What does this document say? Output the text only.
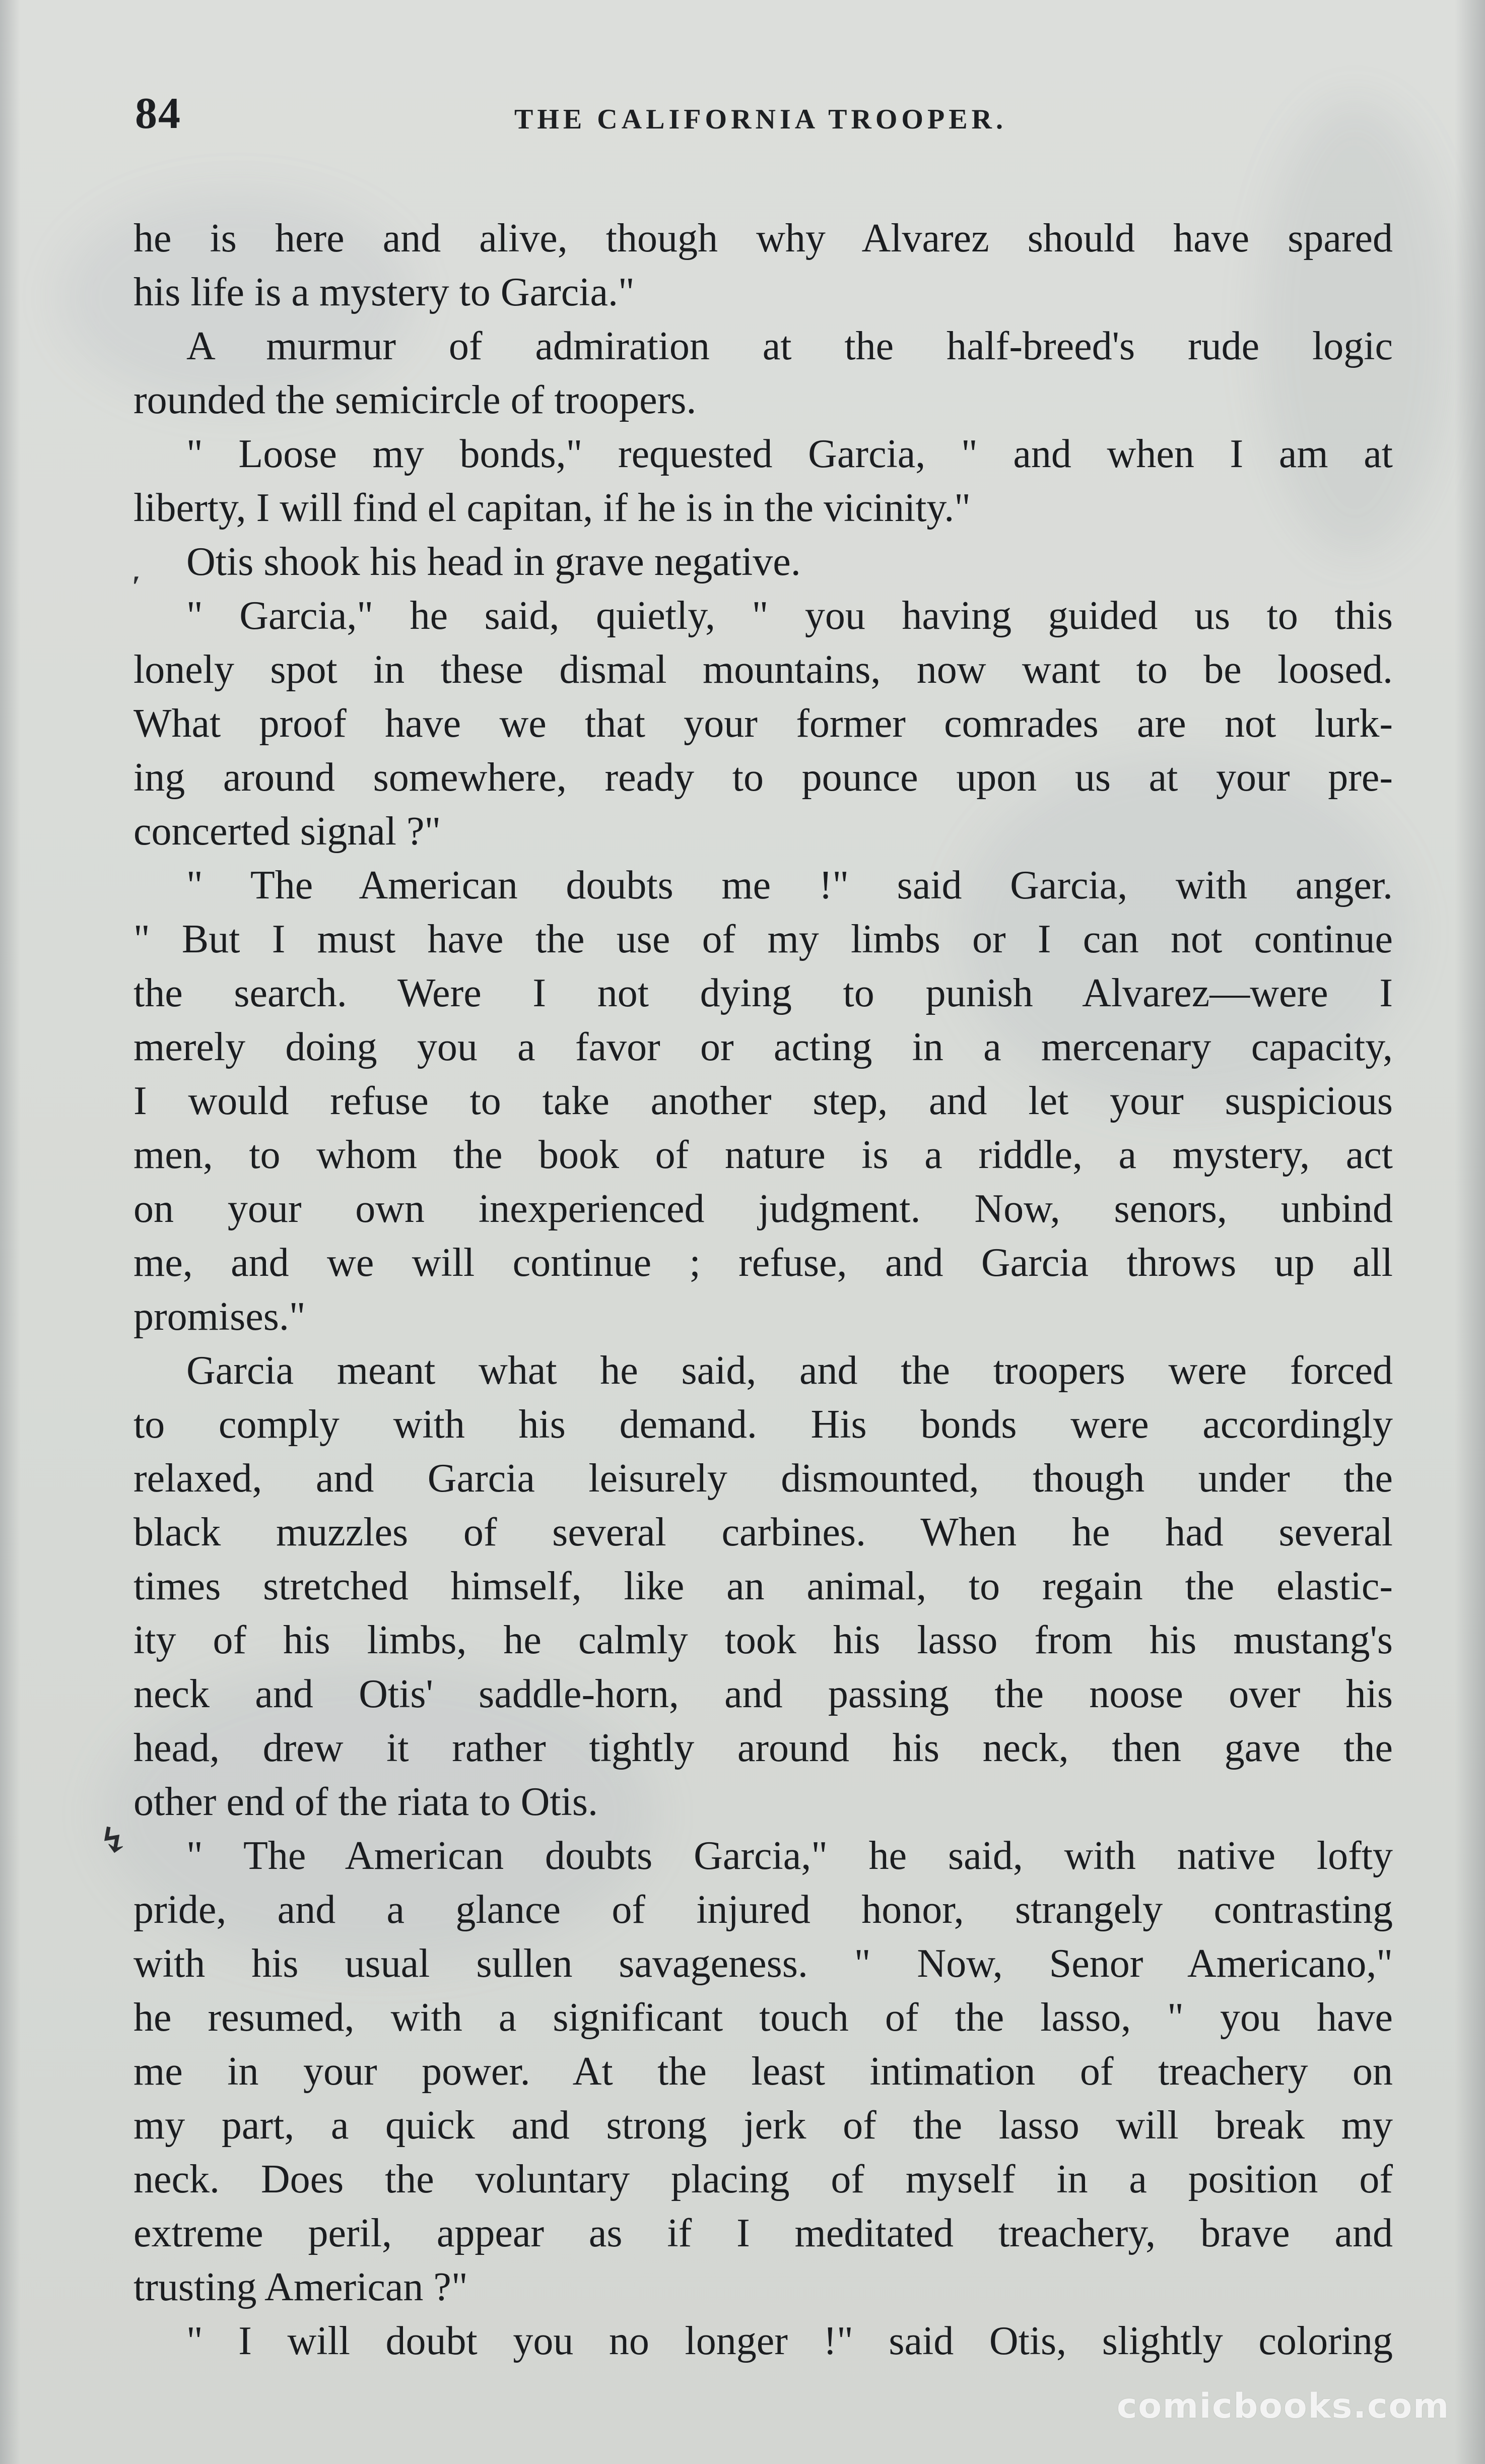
84	THE CALIFORNIA TROOPER.
′
↯
he is here and alive, though why Alvarez should have spared
his life is a mystery to Garcia."
A murmur of admiration at the half-breed's rude logic
rounded the semicircle of troopers.
" Loose my bonds," requested Garcia, " and when I am at
liberty, I will find el capitan, if he is in the vicinity."
Otis shook his head in grave negative.
" Garcia," he said, quietly, " you having guided us to this
lonely spot in these dismal mountains, now want to be loosed.
What proof have we that your former comrades are not lurk-
ing around somewhere, ready to pounce upon us at your pre-
concerted signal ?"
" The American doubts me !" said Garcia, with anger.
" But I must have the use of my limbs or I can not continue
the search. Were I not dying to punish Alvarez—were I
merely doing you a favor or acting in a mercenary capacity,
I would refuse to take another step, and let your suspicious
men, to whom the book of nature is a riddle, a mystery, act
on your own inexperienced judgment. Now, senors, unbind
me, and we will continue ; refuse, and Garcia throws up all
promises."
Garcia meant what he said, and the troopers were forced
to comply with his demand. His bonds were accordingly
relaxed, and Garcia leisurely dismounted, though under the
black muzzles of several carbines. When he had several
times stretched himself, like an animal, to regain the elastic-
ity of his limbs, he calmly took his lasso from his mustang's
neck and Otis' saddle-horn, and passing the noose over his
head, drew it rather tightly around his neck, then gave the
other end of the riata to Otis.
" The American doubts Garcia," he said, with native lofty
pride, and a glance of injured honor, strangely contrasting
with his usual sullen savageness. " Now, Senor Americano,"
he resumed, with a significant touch of the lasso, " you have
me in your power. At the least intimation of treachery on
my part, a quick and strong jerk of the lasso will break my
neck. Does the voluntary placing of myself in a position of
extreme peril, appear as if I meditated treachery, brave and
trusting American ?"
" I will doubt you no longer !" said Otis, slightly coloring
comicbooks.com
